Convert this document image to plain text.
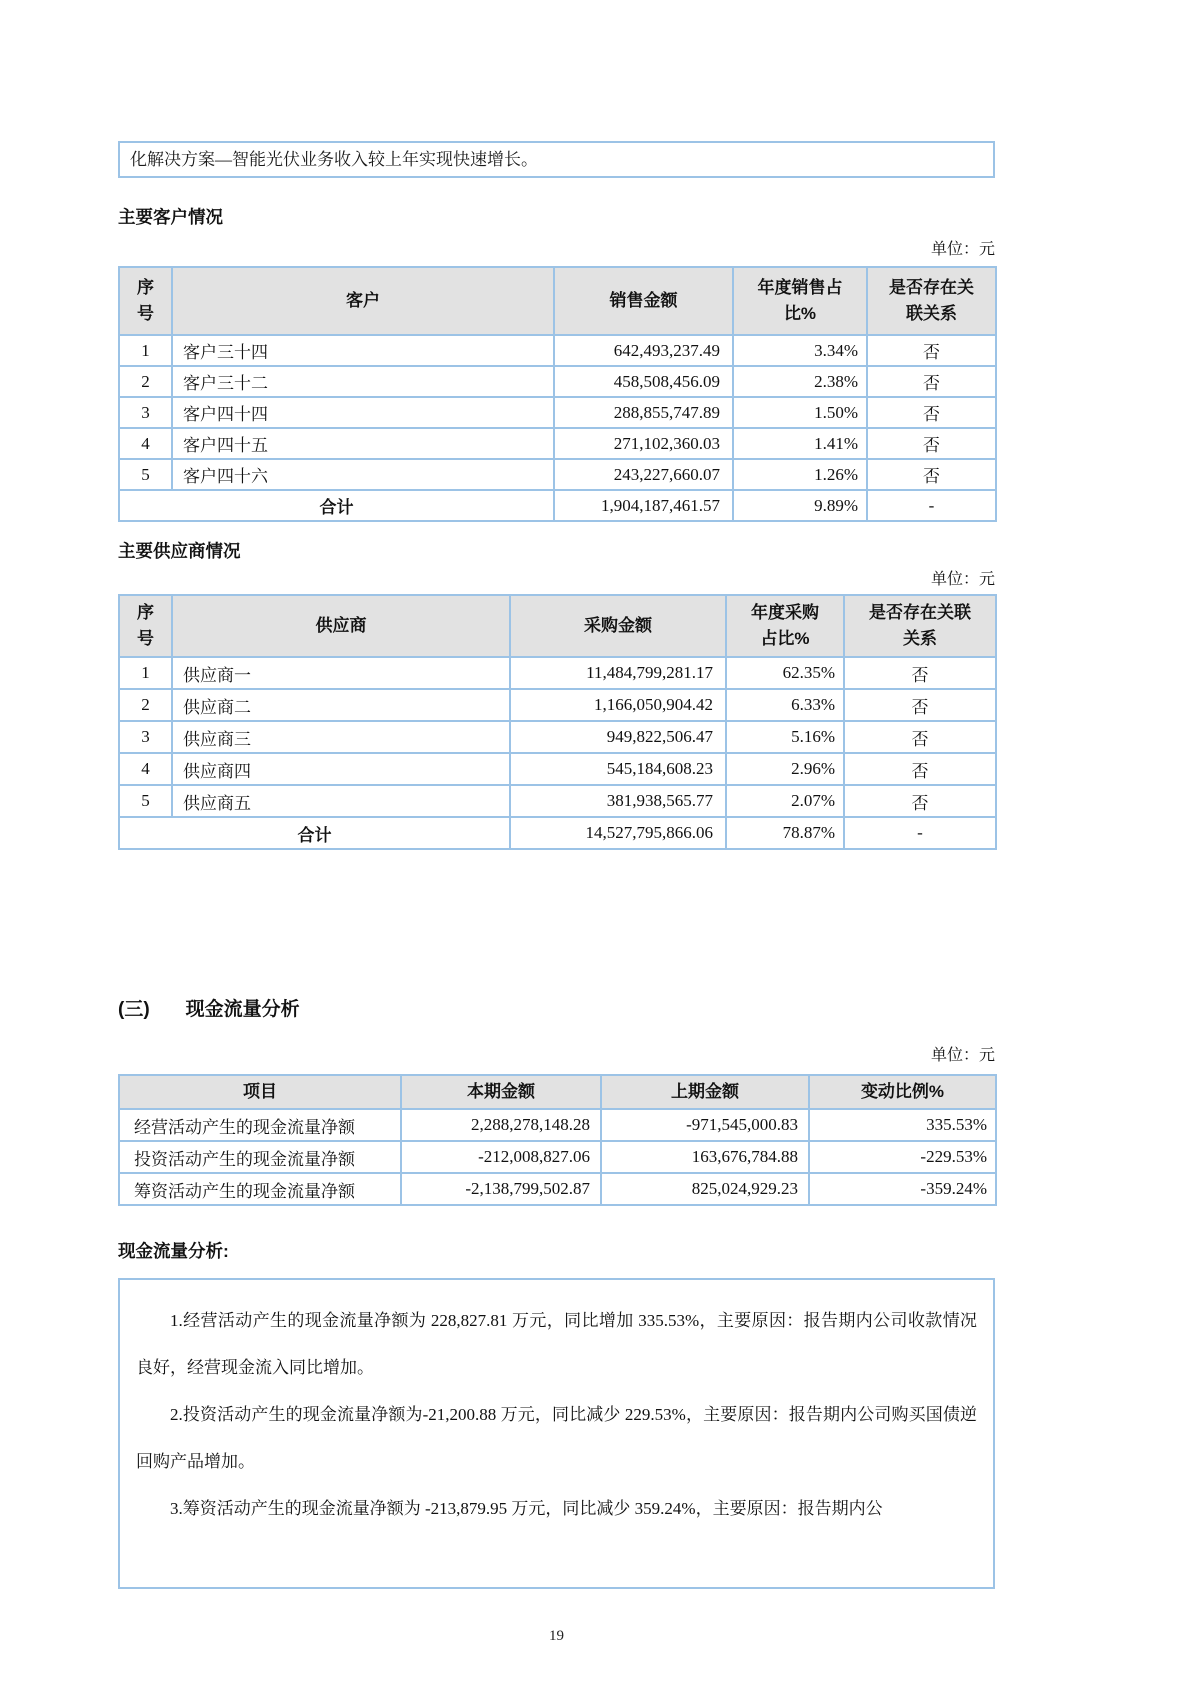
化解决方案—智能光伏业务收入较上年实现快速增长。
主要客户情况
单位：元
序号	客户	销售金额	年度销售占比%	是否存在关联关系

1	客户三十四	642,493,237.49	3.34%	否
2	客户三十二	458,508,456.09	2.38%	否
3	客户四十四	288,855,747.89	1.50%	否
4	客户四十五	271,102,360.03	1.41%	否
5	客户四十六	243,227,660.07	1.26%	否
合计		1,904,187,461.57	9.89%	-
主要供应商情况
单位：元
序号	供应商	采购金额	年度采购占比%	是否存在关联关系

1	供应商一	11,484,799,281.17	62.35%	否
2	供应商二	1,166,050,904.42	6.33%	否
3	供应商三	949,822,506.47	5.16%	否
4	供应商四	545,184,608.23	2.96%	否
5	供应商五	381,938,565.77	2.07%	否
合计		14,527,795,866.06	78.87%	-
(三) 现金流量分析
单位：元
项目	本期金额	上期金额	变动比例%
经营活动产生的现金流量净额	2,288,278,148.28	-971,545,000.83	335.53%
投资活动产生的现金流量净额	-212,008,827.06	163,676,784.88	-229.53%
筹资活动产生的现金流量净额	-2,138,799,502.87	825,024,929.23	-359.24%
现金流量分析:

1.经营活动产生的现金流量净额为 228,827.81 万元，同比增加 335.53%，主要原因：报告期内公司收款情况良好，经营现金流入同比增加。

2.投资活动产生的现金流量净额为-21,200.88 万元，同比减少 229.53%，主要原因：报告期内公司购买国债逆回购产品增加。

3.筹资活动产生的现金流量净额为 -213,879.95 万元，同比减少 359.24%，主要原因：报告期内公

19
